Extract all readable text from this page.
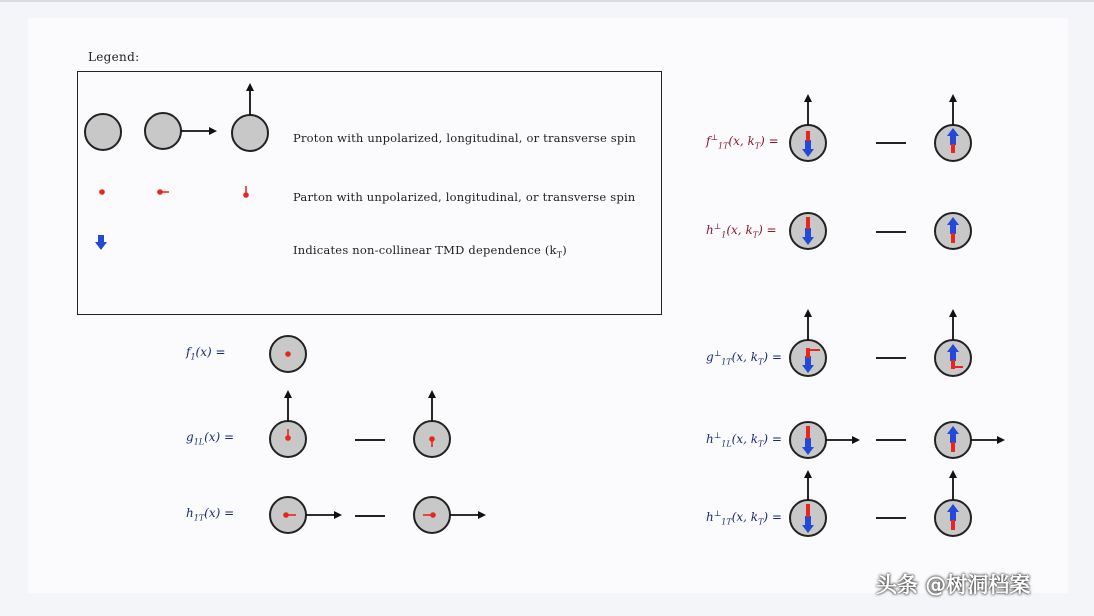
Legend:
Proton with unpolarized, longitudinal, or transverse spin
Parton with unpolarized, longitudinal, or transverse spin
Indicates non-collinear TMD dependence $(k_T)$
$f_1(x)$ =
$g_{1L}(x)$ =
$h_{1T}(x)$ =
$f^\perp_{1T}(x$, $k_T$) =
$h^\perp_1(x$, $k_T$) =
$g^\perp_{1T}(x$, $k_T$) =
$h^\perp_{1L}(x$, $k_T$) =
$h^\perp_{1T}(x$, $k_T$) =
头条 @树洞档案
